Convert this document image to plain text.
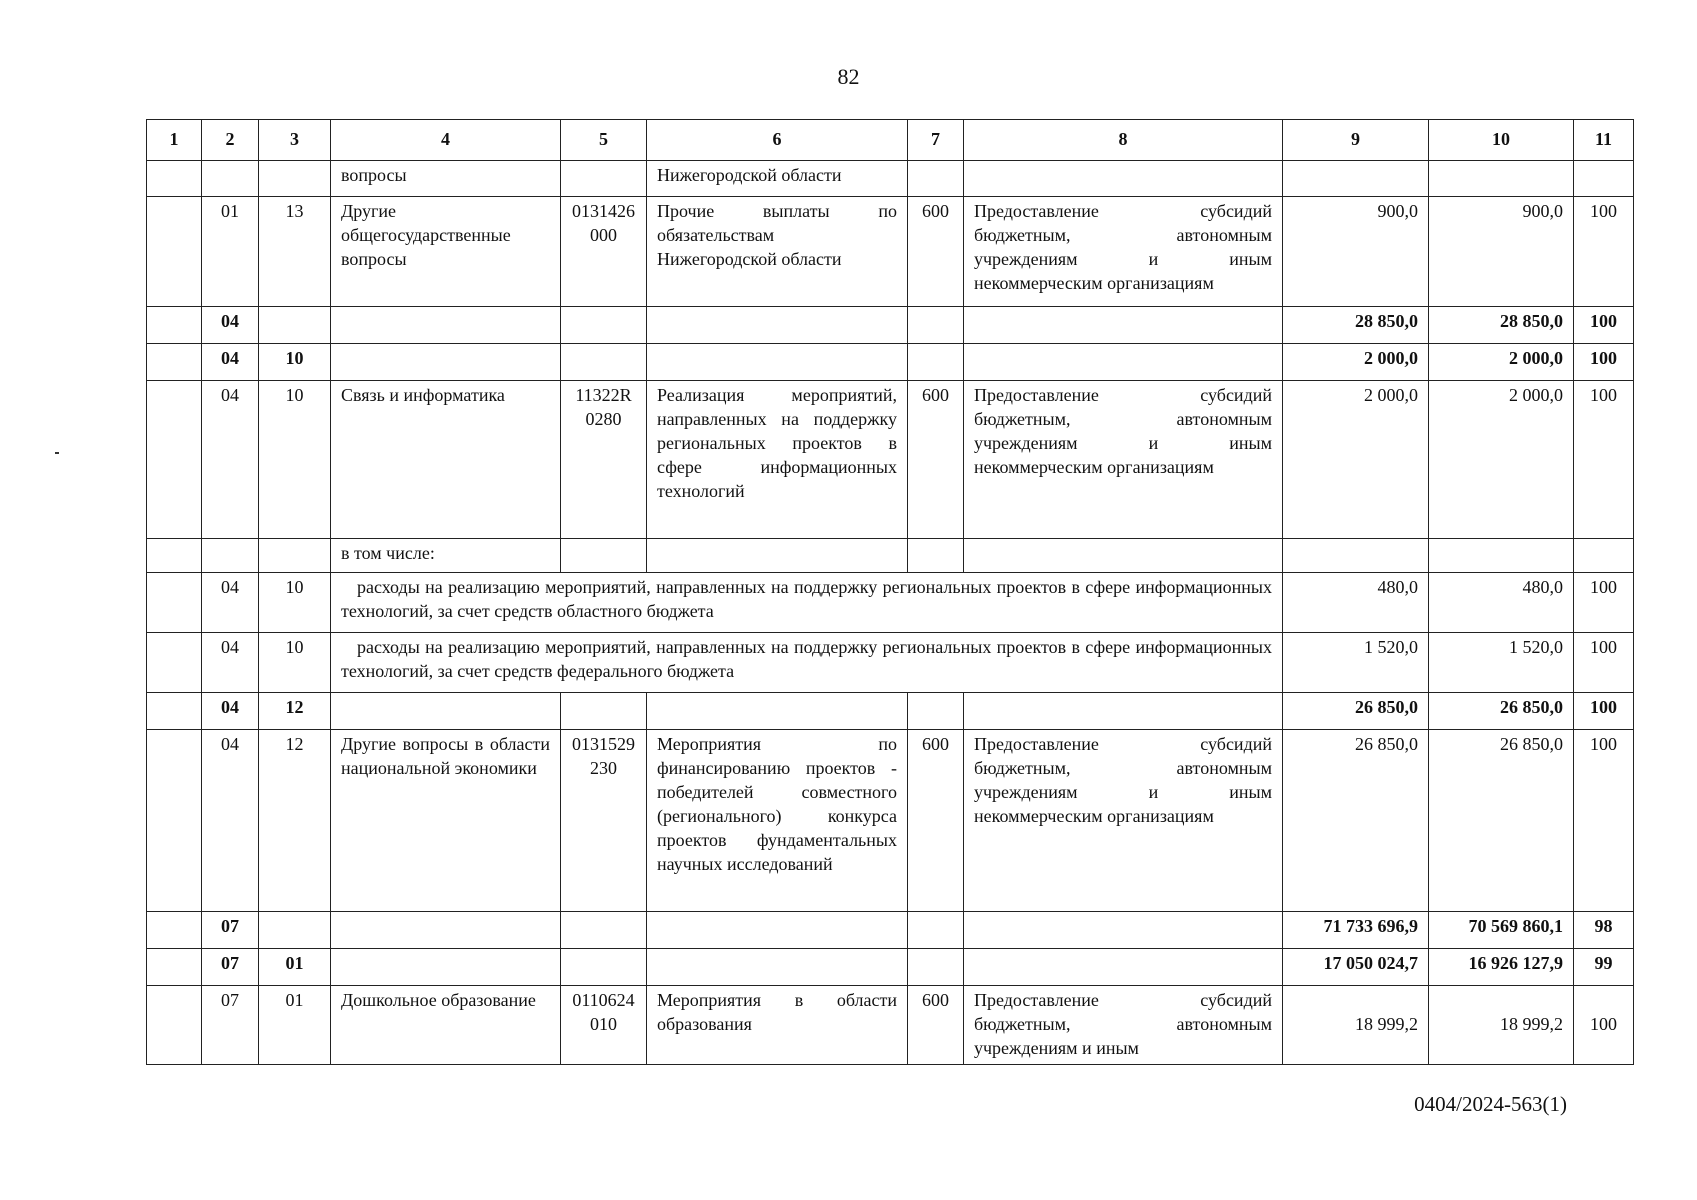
82
1	2	3	4	5	6	7	8	9	10	11
			вопросы		Нижегородской области					
	01	13	Другие общегосударственные вопросы	0131426000	Прочие выплаты по обязательствам Нижегородской области	600	Предоставление субсидий бюджетным, автономным учреждениям и иным некоммерческим организациям	900,0	900,0	100
	04							28 850,0	28 850,0	100
	04	10						2 000,0	2 000,0	100
	04	10	Связь и информатика	11322R0280	Реализация мероприятий, направленных на поддержку региональных проектов в сфере информационных технологий	600	Предоставление субсидий бюджетным, автономным учреждениям и иным некоммерческим организациям	2 000,0	2 000,0	100
			в том числе:							
	04	10	расходы на реализацию мероприятий, направленных на поддержку региональных проектов в сфере информационных технологий, за счет средств областного бюджета					480,0	480,0	100
	04	10	расходы на реализацию мероприятий, направленных на поддержку региональных проектов в сфере информационных технологий, за счет средств федерального бюджета					1 520,0	1 520,0	100
	04	12						26 850,0	26 850,0	100
	04	12	Другие вопросы в области национальной экономики	0131529230	Мероприятия по финансированию проектов - победителей совместного (регионального) конкурса проектов фундаментальных научных исследований	600	Предоставление субсидий бюджетным, автономным учреждениям и иным некоммерческим организациям	26 850,0	26 850,0	100
	07							71 733 696,9	70 569 860,1	98
	07	01						17 050 024,7	16 926 127,9	99
	07	01	Дошкольное образование	0110624010	Мероприятия в области образования	600	Предоставление субсидий бюджетным, автономным учреждениям и иным	18 999,2	18 999,2	100
0404/2024-563(1)
